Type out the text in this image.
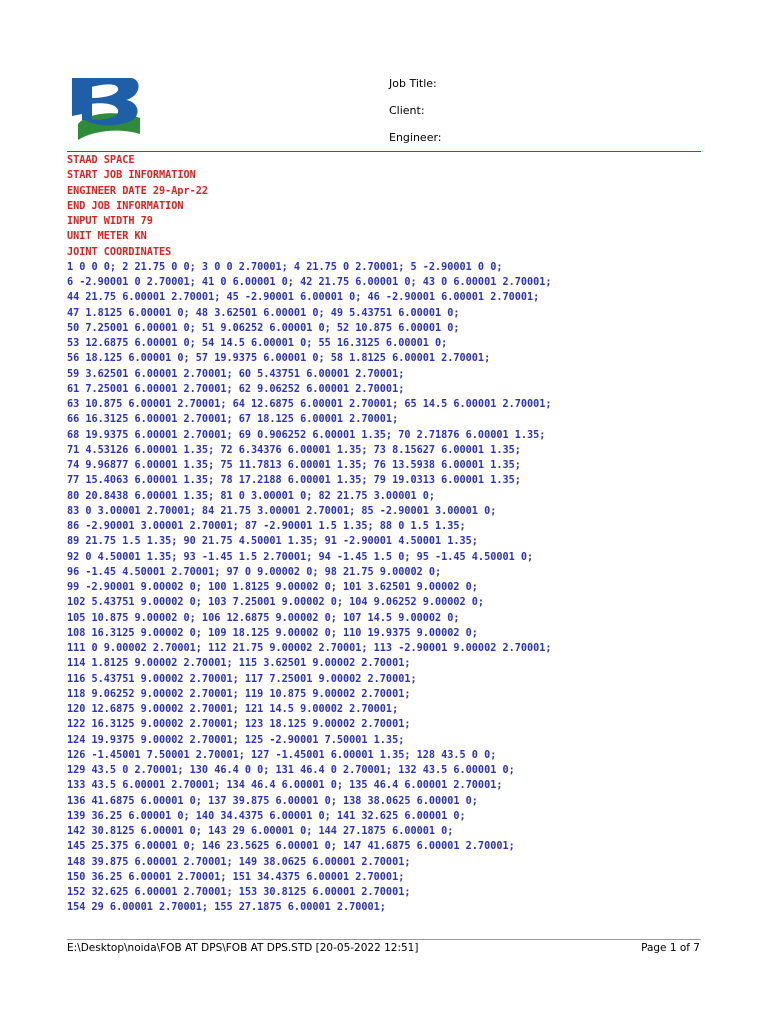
Job Title:
Client:
Engineer:
STAAD SPACE
START JOB INFORMATION
ENGINEER DATE 29-Apr-22
END JOB INFORMATION
INPUT WIDTH 79
UNIT METER KN
JOINT COORDINATES
1 0 0 0; 2 21.75 0 0; 3 0 0 2.70001; 4 21.75 0 2.70001; 5 -2.90001 0 0;
6 -2.90001 0 2.70001; 41 0 6.00001 0; 42 21.75 6.00001 0; 43 0 6.00001 2.70001;
44 21.75 6.00001 2.70001; 45 -2.90001 6.00001 0; 46 -2.90001 6.00001 2.70001;
47 1.8125 6.00001 0; 48 3.62501 6.00001 0; 49 5.43751 6.00001 0;
50 7.25001 6.00001 0; 51 9.06252 6.00001 0; 52 10.875 6.00001 0;
53 12.6875 6.00001 0; 54 14.5 6.00001 0; 55 16.3125 6.00001 0;
56 18.125 6.00001 0; 57 19.9375 6.00001 0; 58 1.8125 6.00001 2.70001;
59 3.62501 6.00001 2.70001; 60 5.43751 6.00001 2.70001;
61 7.25001 6.00001 2.70001; 62 9.06252 6.00001 2.70001;
63 10.875 6.00001 2.70001; 64 12.6875 6.00001 2.70001; 65 14.5 6.00001 2.70001;
66 16.3125 6.00001 2.70001; 67 18.125 6.00001 2.70001;
68 19.9375 6.00001 2.70001; 69 0.906252 6.00001 1.35; 70 2.71876 6.00001 1.35;
71 4.53126 6.00001 1.35; 72 6.34376 6.00001 1.35; 73 8.15627 6.00001 1.35;
74 9.96877 6.00001 1.35; 75 11.7813 6.00001 1.35; 76 13.5938 6.00001 1.35;
77 15.4063 6.00001 1.35; 78 17.2188 6.00001 1.35; 79 19.0313 6.00001 1.35;
80 20.8438 6.00001 1.35; 81 0 3.00001 0; 82 21.75 3.00001 0;
83 0 3.00001 2.70001; 84 21.75 3.00001 2.70001; 85 -2.90001 3.00001 0;
86 -2.90001 3.00001 2.70001; 87 -2.90001 1.5 1.35; 88 0 1.5 1.35;
89 21.75 1.5 1.35; 90 21.75 4.50001 1.35; 91 -2.90001 4.50001 1.35;
92 0 4.50001 1.35; 93 -1.45 1.5 2.70001; 94 -1.45 1.5 0; 95 -1.45 4.50001 0;
96 -1.45 4.50001 2.70001; 97 0 9.00002 0; 98 21.75 9.00002 0;
99 -2.90001 9.00002 0; 100 1.8125 9.00002 0; 101 3.62501 9.00002 0;
102 5.43751 9.00002 0; 103 7.25001 9.00002 0; 104 9.06252 9.00002 0;
105 10.875 9.00002 0; 106 12.6875 9.00002 0; 107 14.5 9.00002 0;
108 16.3125 9.00002 0; 109 18.125 9.00002 0; 110 19.9375 9.00002 0;
111 0 9.00002 2.70001; 112 21.75 9.00002 2.70001; 113 -2.90001 9.00002 2.70001;
114 1.8125 9.00002 2.70001; 115 3.62501 9.00002 2.70001;
116 5.43751 9.00002 2.70001; 117 7.25001 9.00002 2.70001;
118 9.06252 9.00002 2.70001; 119 10.875 9.00002 2.70001;
120 12.6875 9.00002 2.70001; 121 14.5 9.00002 2.70001;
122 16.3125 9.00002 2.70001; 123 18.125 9.00002 2.70001;
124 19.9375 9.00002 2.70001; 125 -2.90001 7.50001 1.35;
126 -1.45001 7.50001 2.70001; 127 -1.45001 6.00001 1.35; 128 43.5 0 0;
129 43.5 0 2.70001; 130 46.4 0 0; 131 46.4 0 2.70001; 132 43.5 6.00001 0;
133 43.5 6.00001 2.70001; 134 46.4 6.00001 0; 135 46.4 6.00001 2.70001;
136 41.6875 6.00001 0; 137 39.875 6.00001 0; 138 38.0625 6.00001 0;
139 36.25 6.00001 0; 140 34.4375 6.00001 0; 141 32.625 6.00001 0;
142 30.8125 6.00001 0; 143 29 6.00001 0; 144 27.1875 6.00001 0;
145 25.375 6.00001 0; 146 23.5625 6.00001 0; 147 41.6875 6.00001 2.70001;
148 39.875 6.00001 2.70001; 149 38.0625 6.00001 2.70001;
150 36.25 6.00001 2.70001; 151 34.4375 6.00001 2.70001;
152 32.625 6.00001 2.70001; 153 30.8125 6.00001 2.70001;
154 29 6.00001 2.70001; 155 27.1875 6.00001 2.70001;
E:\Desktop\noida\FOB AT DPS\FOB AT DPS.STD [20-05-2022 12:51]	Page 1 of 7
